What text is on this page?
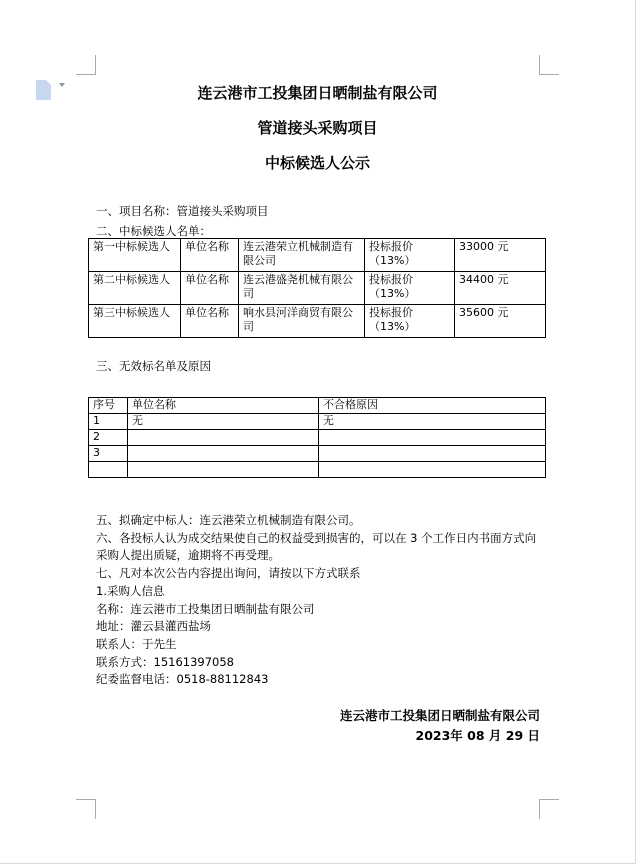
连云港市工投集团日晒制盐有限公司
管道接头采购项目
中标候选人公示
一、项目名称：管道接头采购项目
二、中标候选人名单：
第一中标候选人	单位名称	连云港荣立机械制造有限公司	投标报价（13%）	33000 元
第二中标候选人	单位名称	连云港盛尧机械有限公司	投标报价（13%）	34400 元
第三中标候选人	单位名称	响水县河洋商贸有限公司	投标报价（13%）	35600 元
三、无效标名单及原因
序号	单位名称	不合格原因
1	无	无
2		
3		

五、拟确定中标人：连云港荣立机械制造有限公司。
六、各投标人认为成交结果使自己的权益受到损害的，可以在 3 个工作日内书面方式向采购人提出质疑，逾期将不再受理。
七、凡对本次公告内容提出询问，请按以下方式联系
1.采购人信息
名称：连云港市工投集团日晒制盐有限公司
地址：灌云县灌西盐场
联系人：于先生
联系方式：15161397058
纪委监督电话：0518-88112843
连云港市工投集团日晒制盐有限公司
2023年 08 月 29 日
